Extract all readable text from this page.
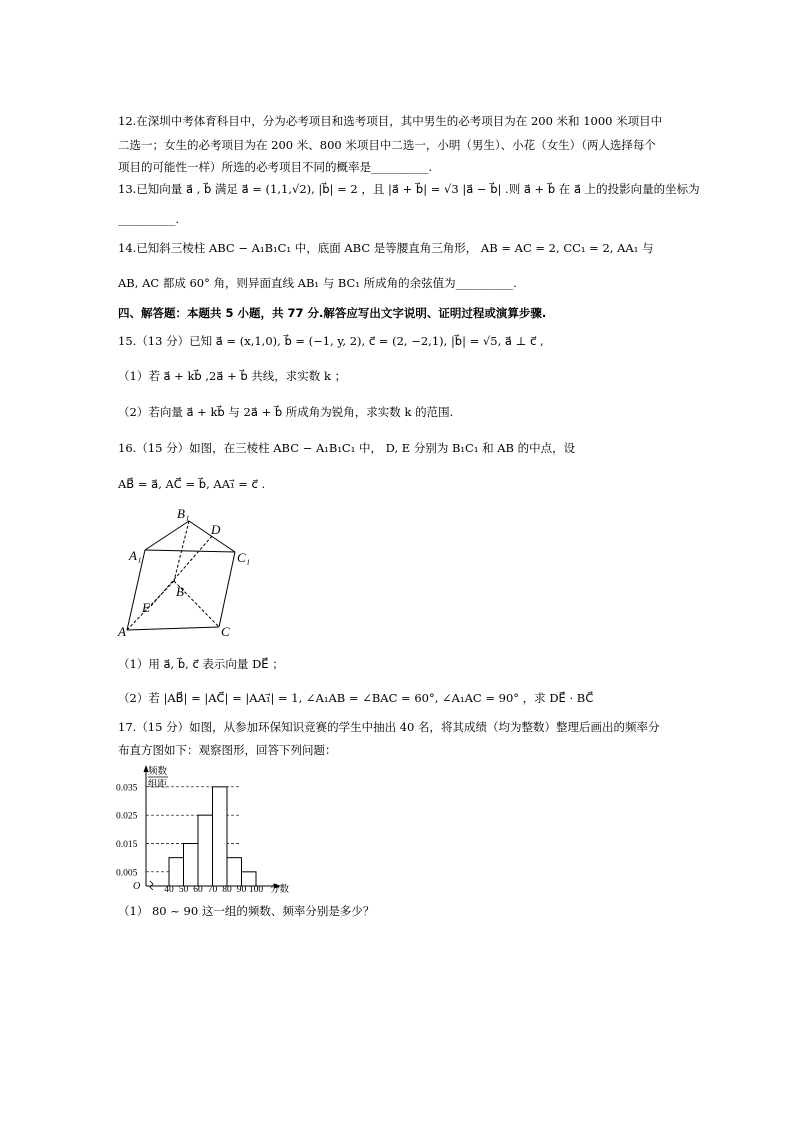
12.在深圳中考体育科目中，分为必考项目和选考项目，其中男生的必考项目为在 200 米和 1000 米项目中
二选一；女生的必考项目为在 200 米、800 米项目中二选一，小明（男生）、小花（女生）（两人选择每个
项目的可能性一样）所选的必考项目不同的概率是__________.
13.已知向量 a⃗ , b⃗ 满足 a⃗ = (1,1,√2), |b⃗| = 2 ，且 |a⃗ + b⃗| = √3 |a⃗ − b⃗| .则 a⃗ + b⃗ 在 a⃗ 上的投影向量的坐标为
__________.
14.已知斜三棱柱 ABC − A₁B₁C₁ 中，底面 ABC 是等腰直角三角形， AB = AC = 2, CC₁ = 2, AA₁ 与
AB, AC 都成 60° 角，则异面直线 AB₁ 与 BC₁ 所成角的余弦值为__________.
四、解答题：本题共 5 小题，共 77 分.解答应写出文字说明、证明过程或演算步骤.
15.（13 分）已知 a⃗ = (x,1,0), b⃗ = (−1, y, 2), c⃗ = (2, −2,1), |b⃗| = √5, a⃗ ⊥ c⃗ ,
（1）若 a⃗ + kb⃗ ,2a⃗ + b⃗ 共线，求实数 k ；
（2）若向量 a⃗ + kb⃗ 与 2a⃗ + b⃗ 所成角为锐角，求实数 k 的范围.
16.（15 分）如图，在三棱柱 ABC − A₁B₁C₁ 中， D, E 分别为 B₁C₁ 和 AB 的中点，设
AB⃗ = a⃗, AC⃗ = b⃗, AA₁⃗ = c⃗ .
B₁
D
A₁	C₁
B
E
A	C
（1）用 a⃗, b⃗, c⃗ 表示向量 DE⃗ ；
（2）若 |AB⃗| = |AC⃗| = |AA₁⃗| = 1, ∠A₁AB = ∠BAC = 60°, ∠A₁AC = 90° ，求 DE⃗ · BC⃗
17.（15 分）如图，从参加环保知识竞赛的学生中抽出 40 名，将其成绩（均为整数）整理后画出的频率分
布直方图如下：观察图形，回答下列问题：
频数
组距
O	分数
0.035
0.025
0.015
0.005
40 50 60 70 80 90 100
（1） 80 ~ 90 这一组的频数、频率分别是多少？
